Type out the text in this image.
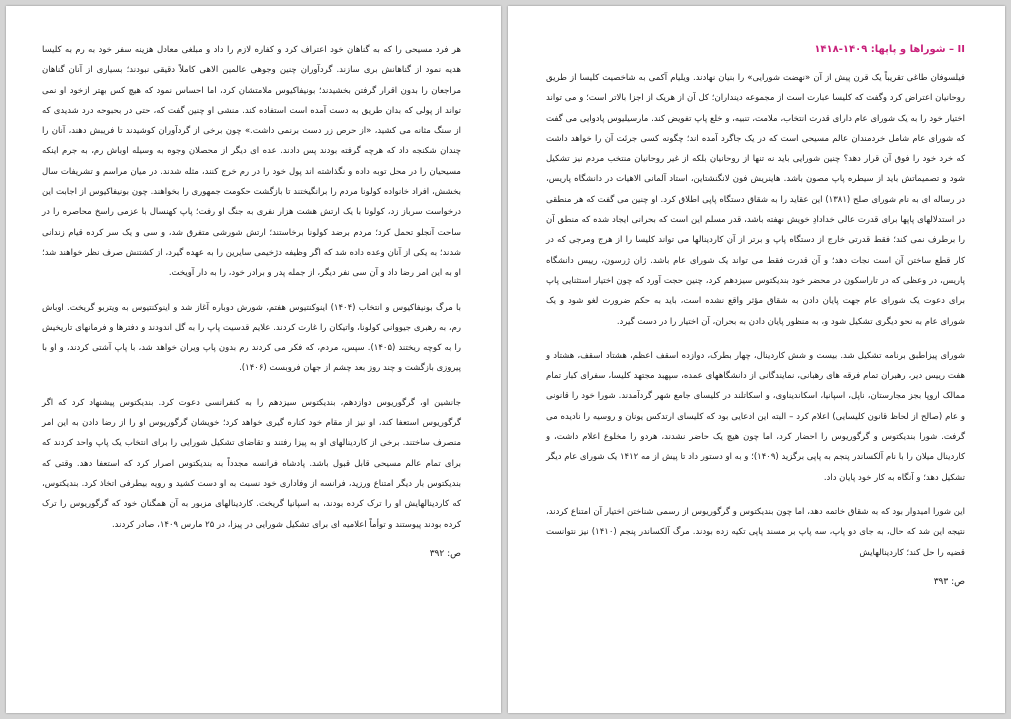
هر فرد مسیحی را که به گناهان خود اعتراف کرد و کفاره لازم را داد و مبلغی معادل هزینه سفر خود به رم به کلیسا هدیه نمود از گناهانش بری سازند. گردآوران چنین وجوهی عالمین الاهی کاملاً دقیقی نبودند؛ بسیاری از آنان گناهان مراجعان را بدون اقرار گرفتن بخشیدند؛ بونیفاکیوس ملامتشان کرد، اما احساس نمود که هیچ کس بهتر ازخود او نمی تواند از پولی که بدان طریق به دست آمده است استفاده کند. منشی او چنین گفت که، حتی در بحبوحه درد شدیدی که از سنگ مثانه می کشید، «از حرص زر دست برنمی داشت.» چون برخی از گردآوران کوشیدند تا فریبش دهند، آنان را چندان شکنجه داد که هرچه گرفته بودند پس دادند. عده ای دیگر از محصلان وجوه به وسیله اوباش رم، به جرم اینکه مسیحیان را در محل توبه داده و نگذاشته اند پول خود را در رم خرج کنند، مثله شدند. در میان مراسم و تشریفات سال بخشش، افراد خانواده کولونا مردم را برانگیختند تا بازگشت حکومت جمهوری را بخواهند. چون بونیفاکیوس از اجابت این درخواست سرباز زد، کولونا با یک ارتش هشت هزار نفری به جنگ او رفت؛ پاپ کهنسال با عزمی راسخ محاصره را در ساحت آنجلو تحمل کرد؛ مردم برضد کولونا برخاستند؛ ارتش شورشی متفرق شد، و سی و یک سر کرده قیام زندانی شدند؛ به یکی از آنان وعده داده شد که اگر وظیفه دژخیمی سایرین را به عهده گیرد، از کشتنش صرف نظر خواهند شد؛ او به این امر رضا داد و آن سی نفر دیگر، از جمله پدر و برادر خود، را به دار آویخت.

با مرگ بونیفاکیوس و انتخاب (۱۴۰۴) اینوکنتیوس هفتم، شورش دوباره آغاز شد و اینوکنتیوس به ویتربو گریخت. اوباش رم، به رهبری جیووانی کولونا، واتیکان را غارت کردند. علایم قدسیت پاپ را به گل اندودند و دفترها و فرمانهای تاریخیش را به کوچه ریختند (۱۴۰۵). سپس، مردم، که فکر می کردند رم بدون پاپ ویران خواهد شد، با پاپ آشتی کردند، و او با پیروزی بازگشت و چند روز بعد چشم از جهان فروبست (۱۴۰۶).

جانشین او، گرگوریوس دوازدهم، بندیکتوس سیزدهم را به کنفرانسی دعوت کرد. بندیکتوس پیشنهاد کرد که اگر گرگوریوس استعفا کند، او نیز از مقام خود کناره گیری خواهد کرد؛ خویشان گرگوریوس او را از رضا دادن به این امر منصرف ساختند. برخی از کاردینالهای او به پیزا رفتند و تقاضای تشکیل شورایی را برای انتخاب یک پاپ واحد کردند که برای تمام عالم مسیحی قابل قبول باشد. پادشاه فرانسه مجدداً به بندیکتوس اصرار کرد که استعفا دهد. وقتی که بندیکتوس بار دیگر امتناع ورزید، فرانسه از وفاداری خود نسبت به او دست کشید و رویه بیطرفی اتخاذ کرد. بندیکتوس، که کاردینالهایش او را ترک کرده بودند، به اسپانیا گریخت. کاردینالهای مزبور به آن همگنان خود که گرگوریوس را ترک کرده بودند پیوستند و توأماً اعلامیه ای برای تشکیل شورایی در پیزا، در ۲۵ مارس ۱۴۰۹، صادر کردند.

ص: ۳۹۲
II – شوراها و پاپها: ۱۴۰۹-۱۴۱۸

فیلسوفان طاغی تقریباً یک قرن پیش از آن «نهضت شورایی» را بنیان نهادند. ویلیام آکمی به شاخصیت کلیسا از طریق روحانیان اعتراض کرد وگفت که کلیسا عبارت است از مجموعه دینداران؛ کل آن از هریک از اجزا بالاتر است؛ و می تواند اختیار خود را به یک شورای عام دارای قدرت انتخاب، ملامت، تنبیه، و خلع پاپ تفویض کند. مارسیلیوس پادوایی می گفت که شورای عام شامل خردمندان عالم مسیحی است که در یک جاگرد آمده اند؛ چگونه کسی جرئت آن را خواهد داشت که خرد خود را فوق آن قرار دهد؟ چنین شورایی باید نه تنها از روحانیان بلکه از غیر روحانیان منتخب مردم نیز تشکیل شود و تصمیماتش باید از سیطره پاپ مصون باشد. هاینریش فون لانگنشتاین، استاد آلمانی الاهیات در دانشگاه پاریس، در رساله ای به نام شورای صلح (۱۳۸۱) این عقاید را به شقاق دستگاه پاپی اطلاق کرد. او چنین می گفت که هر منطقی در استدلالهای پاپها برای قدرت عالی خدادادِ خویش نهفته باشد، قدر مسلم این است که بحرانی ایجاد شده که منطق آن را برطرف نمی کند؛ فقط قدرتی خارج از دستگاه پاپ و برتر از آن کاردینالها می تواند کلیسا را از هرج ومرجی که در کار قطع ساختن آن است نجات دهد؛ و آن قدرت فقط می تواند یک شورای عام باشد. ژان ژرسون، رییس دانشگاه پاریس، در وعظی که در تاراسکون در محضر خود بندیکتوس سیزدهم کرد، چنین حجت آورد که چون اختیار استثنایی پاپ برای دعوت یک شورای عام جهت پایان دادن به شقاق مؤثر واقع نشده است، باید به حکم ضرورت لغو شود و یک شورای عام به نحو دیگری تشکیل شود و، به منظور پایان دادن به بحران، آن اختیار را در دست گیرد.

شورای پیزاطبق برنامه تشکیل شد. بیست و شش کاردینال، چهار بطرک، دوازده اسقف اعظم، هشتاد اسقف، هشتاد و هفت رییس دیر، رهبران تمام فرقه های رهبانی، نمایندگانی از دانشگاههای عمده، سپهبد مجتهد کلیسا، سفرای کبار تمام ممالک اروپا بجز مجارستان، ناپل، اسپانیا، اسکاندیناوی، و اسکاتلند در کلیسای جامع شهر گردآمدند. شورا خود را قانونی و عام (صالح از لحاظ قانون کلیسایی) اعلام کرد – البته این ادعایی بود که کلیسای ارتدکس یونان و روسیه را نادیده می گرفت. شورا بندیکتوس و گرگوریوس را احضار کرد، اما چون هیچ یک حاضر نشدند، هردو را مخلوع اعلام داشت، و کاردینال میلان را با نام آلکساندر پنجم به پاپی برگزید (۱۴۰۹)؛ و به او دستور داد تا پیش از مه ۱۴۱۲ یک شورای عام دیگر تشکیل دهد؛ و آنگاه به کار خود پایان داد.

این شورا امیدوار بود که به شقاق خاتمه دهد، اما چون بندیکتوس و گرگوریوس از رسمی شناختن اختیار آن امتناع کردند، نتیجه این شد که حال، به جای دو پاپ، سه پاپ بر مسند پاپی تکیه زده بودند. مرگ آلکساندر پنجم (۱۴۱۰) نیز نتوانست قضیه را حل کند؛ کاردینالهایش

ص: ۳۹۳
